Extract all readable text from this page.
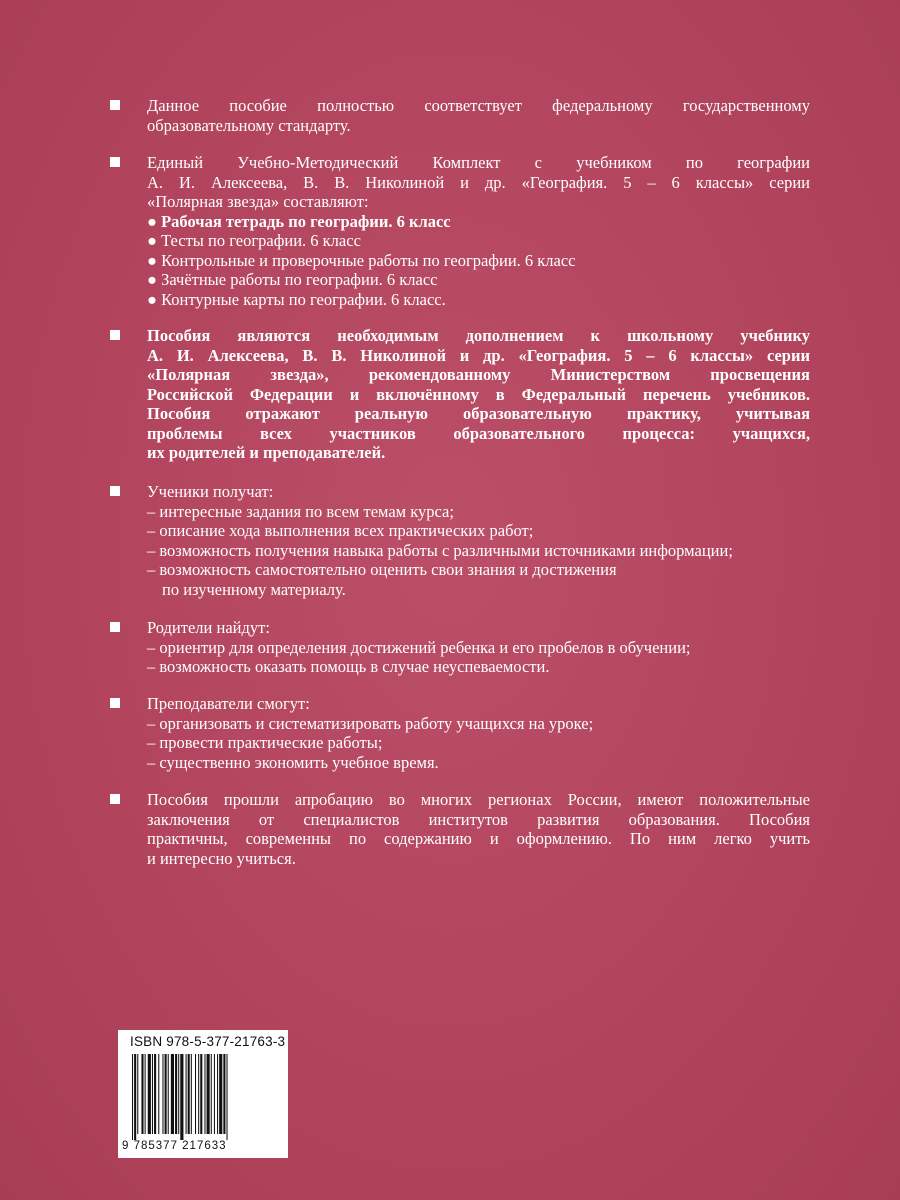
Данное пособие полностью соответствует федеральному государственному
образовательному стандарту.
Единый Учебно-Методический Комплект с учебником по географии
А. И. Алексеева, В. В. Николиной и др. «География. 5 – 6 классы» серии
«Полярная звезда» составляют:
● Рабочая тетрадь по географии. 6 класс
● Тесты по географии. 6 класс
● Контрольные и проверочные работы по географии. 6 класс
● Зачётные работы по географии. 6 класс
● Контурные карты по географии. 6 класс.
Пособия являются необходимым дополнением к школьному учебнику
А. И. Алексеева, В. В. Николиной и др. «География. 5 – 6 классы» серии
«Полярная звезда», рекомендованному Министерством просвещения
Российской Федерации и включённому в Федеральный перечень учебников.
Пособия отражают реальную образовательную практику, учитывая
проблемы всех участников образовательного процесса: учащихся,
их родителей и преподавателей.
Ученики получат:
– интересные задания по всем темам курса;
– описание хода выполнения всех практических работ;
– возможность получения навыка работы с различными источниками информации;
– возможность самостоятельно оценить свои знания и достижения
по изученному материалу.
Родители найдут:
– ориентир для определения достижений ребенка и его пробелов в обучении;
– возможность оказать помощь в случае неуспеваемости.
Преподаватели смогут:
– организовать и систематизировать работу учащихся на уроке;
– провести практические работы;
– существенно экономить учебное время.
Пособия прошли апробацию во многих регионах России, имеют положительные
заключения от специалистов институтов развития образования. Пособия
практичны, современны по содержанию и оформлению. По ним легко учить
и интересно учиться.
ISBN 978-5-377-21763-3
9 785377 217633
